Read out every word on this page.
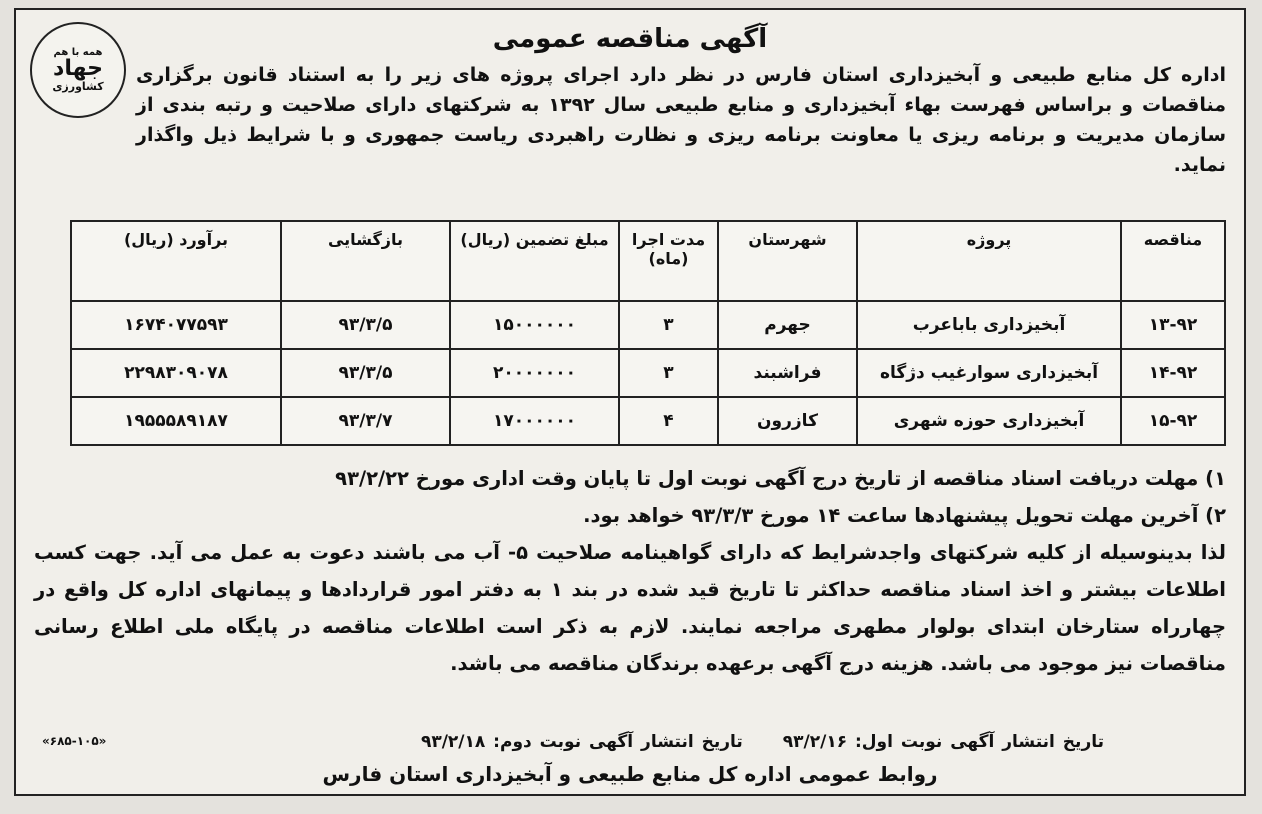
همه با هم
جهاد
کشاورزی
آگهی مناقصه عمومی
اداره کل منابع طبیعی و آبخیزداری استان فارس در نظر دارد اجرای پروژه های زیر را به استناد قانون برگزاری مناقصات و براساس فهرست بهاء آبخیزداری و منابع طبیعی سال ۱۳۹۲ به شرکتهای دارای صلاحیت و رتبه بندی از سازمان مدیریت و برنامه ریزی یا معاونت برنامه ریزی و نظارت راهبردی ریاست جمهوری و با شرایط ذیل واگذار نماید.
مناقصه	پروژه	شهرستان	مدت اجرا (ماه)	مبلغ تضمین (ریال)	بازگشایی	برآورد (ریال)
۱۳-۹۲	آبخیزداری باباعرب	جهرم	۳	۱۵۰۰۰۰۰۰	۹۳/۳/۵	۱۶۷۴۰۷۷۵۹۳
۱۴-۹۲	آبخیزداری سوارغیب دژگاه	فراشبند	۳	۲۰۰۰۰۰۰۰	۹۳/۳/۵	۲۲۹۸۳۰۹۰۷۸
۱۵-۹۲	آبخیزداری حوزه شهری	کازرون	۴	۱۷۰۰۰۰۰۰	۹۳/۳/۷	۱۹۵۵۵۸۹۱۸۷

۱) مهلت دریافت اسناد مناقصه از تاریخ درج آگهی نوبت اول تا پایان وقت اداری مورخ ۹۳/۲/۲۲

۲) آخرین مهلت تحویل پیشنهادها ساعت ۱۴ مورخ ۹۳/۳/۳ خواهد بود.

لذا بدینوسیله از کلیه شرکتهای واجدشرایط که دارای گواهینامه صلاحیت ۵- آب می باشند دعوت به عمل می آید. جهت کسب اطلاعات بیشتر و اخذ اسناد مناقصه حداکثر تا تاریخ قید شده در بند ۱ به دفتر امور قراردادها و پیمانهای اداره کل واقع در چهارراه ستارخان ابتدای بولوار مطهری مراجعه نمایند. لازم به ذکر است اطلاعات مناقصه در پایگاه ملی اطلاع رسانی مناقصات نیز موجود می باشد. هزینه درج آگهی برعهده برندگان مناقصه می باشد.

تاریخ انتشار آگهی نوبت اول: ۹۳/۲/۱۶تاریخ انتشار آگهی نوبت دوم: ۹۳/۲/۱۸
«۶۸۵-۱۰۵»
روابط عمومی اداره کل منابع طبیعی و آبخیزداری استان فارس
